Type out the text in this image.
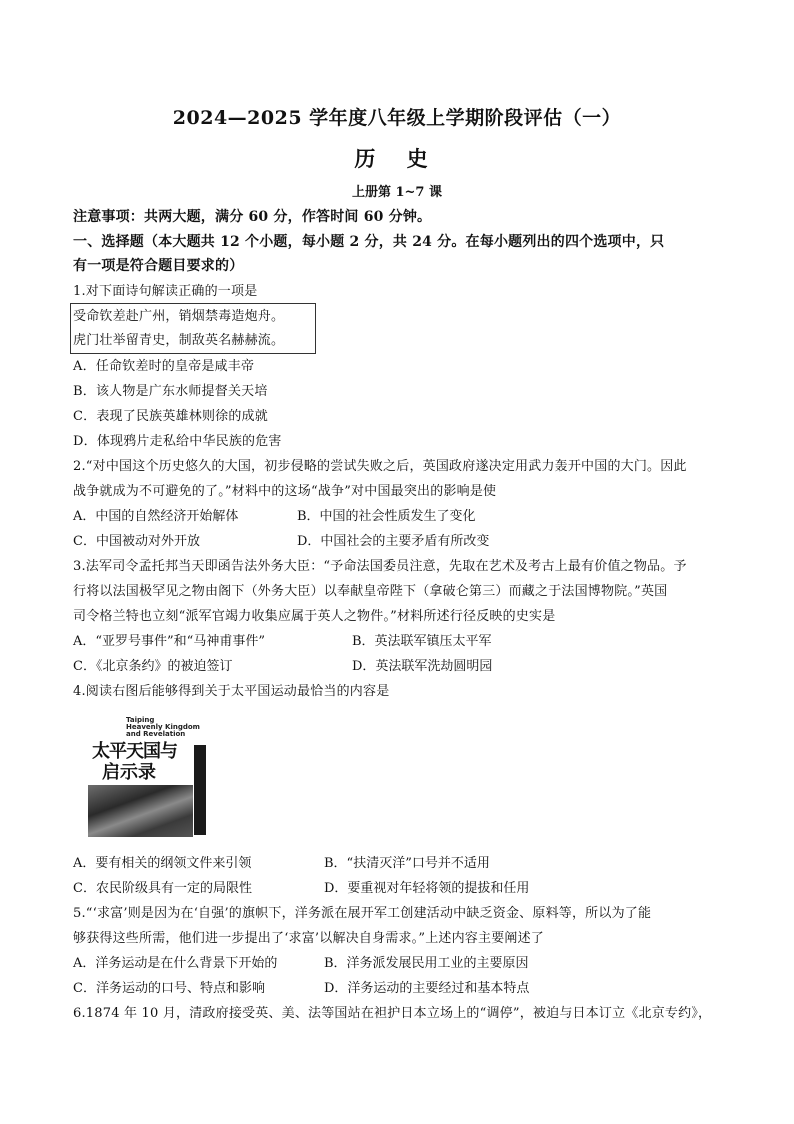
2024—2025 学年度八年级上学期阶段评估（一）
历 史
上册第 1~7 课
注意事项：共两大题，满分 60 分，作答时间 60 分钟。
一、选择题（本大题共 12 个小题，每小题 2 分，共 24 分。在每小题列出的四个选项中，只
有一项是符合题目要求的）
1.对下面诗句解读正确的一项是
受命钦差赴广州，销烟禁毒造炮舟。
虎门壮举留青史，制敌英名赫赫流。
A．任命钦差时的皇帝是咸丰帝
B．该人物是广东水师提督关天培
C．表现了民族英雄林则徐的成就
D．体现鸦片走私给中华民族的危害
2.“对中国这个历史悠久的大国，初步侵略的尝试失败之后，英国政府遂决定用武力轰开中国的大门。因此
战争就成为不可避免的了。”材料中的这场“战争”对中国最突出的影响是使
A．中国的自然经济开始解体	B．中国的社会性质发生了变化
C．中国被动对外开放	D．中国社会的主要矛盾有所改变
3.法军司令孟托邦当天即函告法外务大臣：“予命法国委员注意，先取在艺术及考古上最有价值之物品。予
行将以法国极罕见之物由阁下（外务大臣）以奉献皇帝陛下（拿破仑第三）而藏之于法国博物院。”英国
司令格兰特也立刻“派军官竭力收集应属于英人之物件。”材料所述行径反映的史实是
A．“亚罗号事件”和“马神甫事件”	B．英法联军镇压太平军
C．《北京条约》的被迫签订	D．英法联军洗劫圆明园
4.阅读右图后能够得到关于太平国运动最恰当的内容是
Taiping
Heavenly Kingdom
and Revelation
太平天国与
启示录
A．要有相关的纲领文件来引领	B．“扶清灭洋”口号并不适用
C．农民阶级具有一定的局限性	D．要重视对年轻将领的提拔和任用
5.“‘求富’则是因为在‘自强’的旗帜下，洋务派在展开军工创建活动中缺乏资金、原料等，所以为了能
够获得这些所需，他们进一步提出了‘求富’以解决自身需求。”上述内容主要阐述了
A．洋务运动是在什么背景下开始的	B．洋务派发展民用工业的主要原因
C．洋务运动的口号、特点和影响	D．洋务运动的主要经过和基本特点
6.1874 年 10 月，清政府接受英、美、法等国站在袒护日本立场上的“调停”，被迫与日本订立《北京专约》，
